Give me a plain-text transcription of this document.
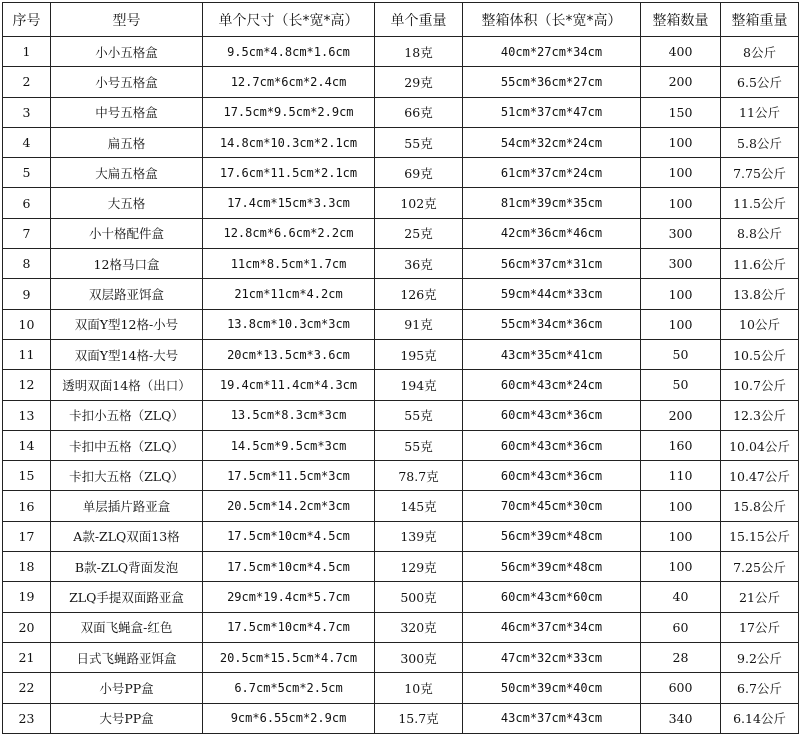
序号	型号	单个尺寸（长*宽*高）	单个重量	整箱体积（长*宽*高）	整箱数量	整箱重量
1	小小五格盒	9.5cm*4.8cm*1.6cm	18克	40cm*27cm*34cm	400	8公斤
2	小号五格盒	12.7cm*6cm*2.4cm	29克	55cm*36cm*27cm	200	6.5公斤
3	中号五格盒	17.5cm*9.5cm*2.9cm	66克	51cm*37cm*47cm	150	11公斤
4	扁五格	14.8cm*10.3cm*2.1cm	55克	54cm*32cm*24cm	100	5.8公斤
5	大扁五格盒	17.6cm*11.5cm*2.1cm	69克	61cm*37cm*24cm	100	7.75公斤
6	大五格	17.4cm*15cm*3.3cm	102克	81cm*39cm*35cm	100	11.5公斤
7	小十格配件盒	12.8cm*6.6cm*2.2cm	25克	42cm*36cm*46cm	300	8.8公斤
8	12格马口盒	11cm*8.5cm*1.7cm	36克	56cm*37cm*31cm	300	11.6公斤
9	双层路亚饵盒	21cm*11cm*4.2cm	126克	59cm*44cm*33cm	100	13.8公斤
10	双面Y型12格-小号	13.8cm*10.3cm*3cm	91克	55cm*34cm*36cm	100	10公斤
11	双面Y型14格-大号	20cm*13.5cm*3.6cm	195克	43cm*35cm*41cm	50	10.5公斤
12	透明双面14格（出口）	19.4cm*11.4cm*4.3cm	194克	60cm*43cm*24cm	50	10.7公斤
13	卡扣小五格（ZLQ）	13.5cm*8.3cm*3cm	55克	60cm*43cm*36cm	200	12.3公斤
14	卡扣中五格（ZLQ）	14.5cm*9.5cm*3cm	55克	60cm*43cm*36cm	160	10.04公斤
15	卡扣大五格（ZLQ）	17.5cm*11.5cm*3cm	78.7克	60cm*43cm*36cm	110	10.47公斤
16	单层插片路亚盒	20.5cm*14.2cm*3cm	145克	70cm*45cm*30cm	100	15.8公斤
17	A款-ZLQ双面13格	17.5cm*10cm*4.5cm	139克	56cm*39cm*48cm	100	15.15公斤
18	B款-ZLQ背面发泡	17.5cm*10cm*4.5cm	129克	56cm*39cm*48cm	100	7.25公斤
19	ZLQ手提双面路亚盒	29cm*19.4cm*5.7cm	500克	60cm*43cm*60cm	40	21公斤
20	双面飞蝇盒-红色	17.5cm*10cm*4.7cm	320克	46cm*37cm*34cm	60	17公斤
21	日式飞蝇路亚饵盒	20.5cm*15.5cm*4.7cm	300克	47cm*32cm*33cm	28	9.2公斤
22	小号PP盒	6.7cm*5cm*2.5cm	10克	50cm*39cm*40cm	600	6.7公斤
23	大号PP盒	9cm*6.55cm*2.9cm	15.7克	43cm*37cm*43cm	340	6.14公斤
